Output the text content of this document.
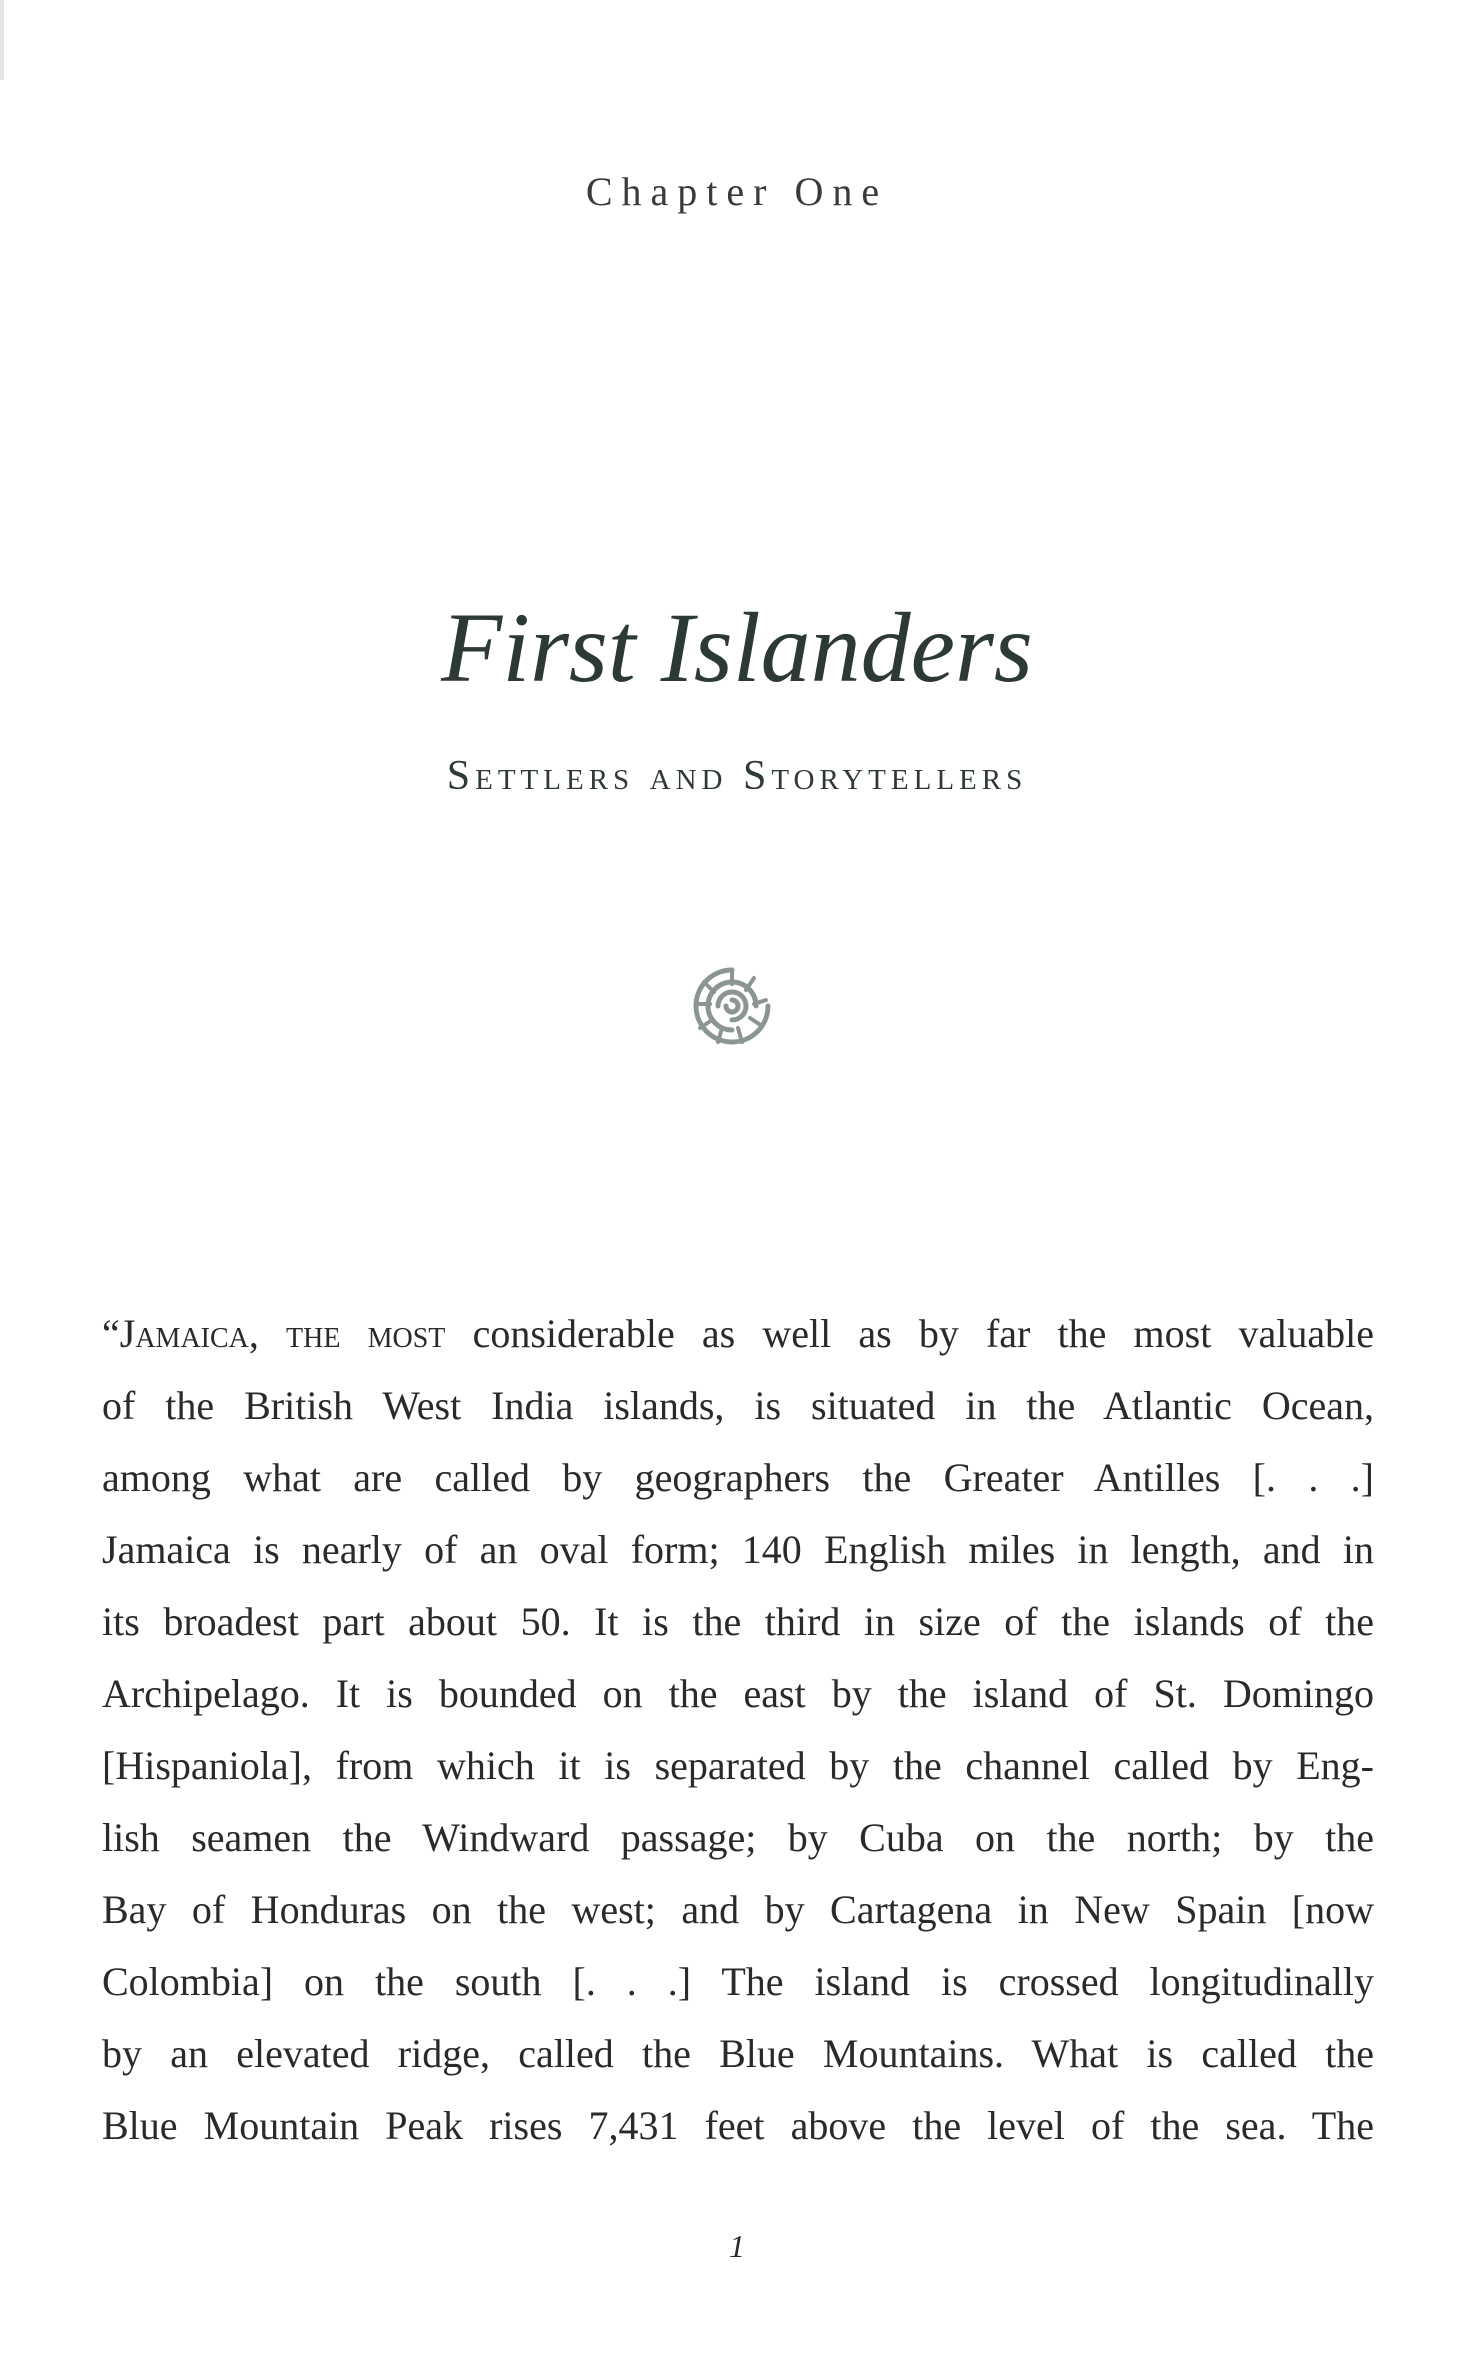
Chapter One
First Islanders
Settlers and Storytellers
“Jamaica, the most considerable as well as by far the most valuable
of the British West India islands, is situated in the Atlantic Ocean,
among what are called by geographers the Greater Antilles [. . .]
Jamaica is nearly of an oval form; 140 English miles in length, and in
its broadest part about 50. It is the third in size of the islands of the
Archipelago. It is bounded on the east by the island of St. Domingo
[Hispaniola], from which it is separated by the channel called by Eng-
lish seamen the Windward passage; by Cuba on the north; by the
Bay of Honduras on the west; and by Cartagena in New Spain [now
Colombia] on the south [. . .] The island is crossed longitudinally
by an elevated ridge, called the Blue Mountains. What is called the
Blue Mountain Peak rises 7,431 feet above the level of the sea. The
1
